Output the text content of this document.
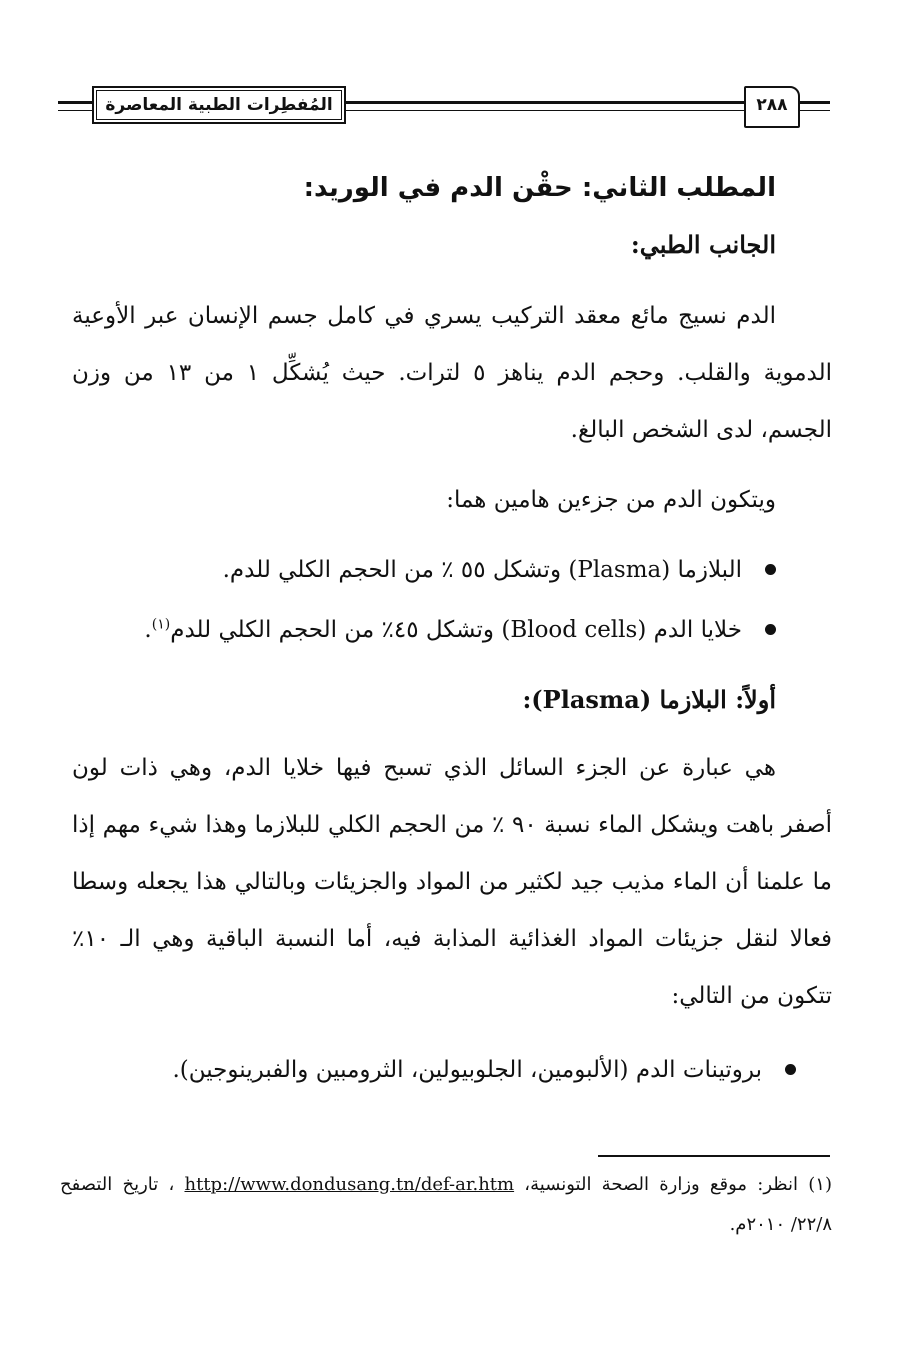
المُفطِرات الطبية المعاصرة	٢٨٨
المطلب الثاني: حقْن الدم في الوريد:
الجانب الطبي:
الدم نسيج مائع معقد التركيب يسري في كامل جسم الإنسان عبر الأوعية الدموية والقلب. وحجم الدم يناهز ٥ لترات. حيث يُشكِّل ١ من ١٣ من وزن الجسم، لدى الشخص البالغ.
ويتكون الدم من جزءين هامين هما:
البلازما (Plasma) وتشكل ٥٥ ٪ من الحجم الكلي للدم.
خلايا الدم (Blood cells) وتشكل ٤٥٪ من الحجم الكلي للدم$^{(١)}$.
أولاً: البلازما (Plasma):
هي عبارة عن الجزء السائل الذي تسبح فيها خلايا الدم، وهي ذات لون أصفر باهت ويشكل الماء نسبة ٩٠ ٪ من الحجم الكلي للبلازما وهذا شيء مهم إذا ما علمنا أن الماء مذيب جيد لكثير من المواد والجزيئات وبالتالي هذا يجعله وسطا فعالا لنقل جزيئات المواد الغذائية المذابة فيه، أما النسبة الباقية وهي الـ ١٠٪ تتكون من التالي:
بروتينات الدم (الألبومين، الجلوبيولين، الثرومبين والفبرينوجين).
(١) انظر: موقع وزارة الصحة التونسية، http://www.dondusang.tn/def-ar.htm ، تاريخ التصفح ٢٢/٨/ ٢٠١٠م.
